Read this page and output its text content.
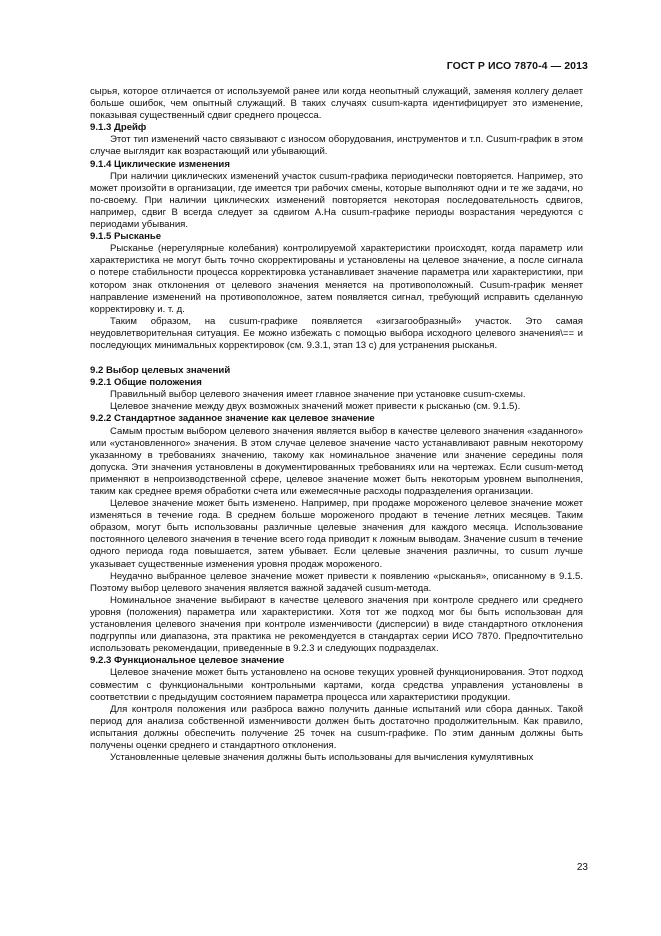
ГОСТ Р ИСО 7870-4 — 2013

сырья, которое отличается от используемой ранее или когда неопытный служащий, заменяя коллегу делает больше ошибок, чем опытный служащий. В таких случаях cusum-карта идентифицирует это изменение, показывая существенный сдвиг среднего процесса.

9.1.3 Дрейф

Этот тип изменений часто связывают с износом оборудования, инструментов и т.п. Cusum-график в этом случае выглядит как возрастающий или убывающий.

9.1.4 Циклические изменения

При наличии циклических изменений участок cusum-графика периодически повторяется. Например, это может произойти в организации, где имеется три рабочих смены, которые выполняют одни и те же задачи, но по-своему. При наличии циклических изменений повторяется некоторая последовательность сдвигов, например, сдвиг В всегда следует за сдвигом А.На cusum-графике периоды возрастания чередуются с периодами убывания.

9.1.5 Рысканье

Рысканье (нерегулярные колебания) контролируемой характеристики происходят, когда параметр или характеристика не могут быть точно скорректированы и установлены на целевое значение, а после сигнала о потере стабильности процесса корректировка устанавливает значение параметра или характеристики, при котором знак отклонения от целевого значения меняется на противоположный. Cusum-график меняет направление изменений на противоположное, затем появляется сигнал, требующий исправить сделанную корректировку и. т. д.

Таким образом, на cusum-графике появляется «зигзагообразный» участок. Это самая неудовлетворительная ситуация. Ее можно избежать с помощью выбора исходного целевого значения\== и последующих минимальных корректировок (см. 9.3.1, этап 13 с) для устранения рысканья.

9.2 Выбор целевых значений
9.2.1 Общие положения

Правильный выбор целевого значения имеет главное значение при установке cusum-схемы.

Целевое значение между двух возможных значений может привести к рысканью (см. 9.1.5).

9.2.2 Стандартное заданное значение как целевое значение

Самым простым выбором целевого значения является выбор в качестве целевого значения «заданного» или «установленного» значения. В этом случае целевое значение часто устанавливают равным некоторому указанному в требованиях значению, такому как номинальное значение или значение середины поля допуска. Эти значения установлены в документированных требованиях или на чертежах. Если cusum-метод применяют в непроизводственной сфере, целевое значение может быть некоторым уровнем выполнения, таким как среднее время обработки счета или ежемесячные расходы подразделения организации.

Целевое значение может быть изменено. Например, при продаже мороженого целевое значение может изменяться в течение года. В среднем больше мороженого продают в течение летних месяцев. Таким образом, могут быть использованы различные целевые значения для каждого месяца. Использование постоянного целевого значения в течение всего года приводит к ложным выводам. Значение cusum в течение одного периода года повышается, затем убывает. Если целевые значения различны, то cusum лучше указывает существенные изменения уровня продаж мороженого.

Неудачно выбранное целевое значение может привести к появлению «рысканья», описанному в 9.1.5. Поэтому выбор целевого значения является важной задачей cusum-метода.

Номинальное значение выбирают в качестве целевого значения при контроле среднего или среднего уровня (положения) параметра или характеристики. Хотя тот же подход мог бы быть использован для установления целевого значения при контроле изменчивости (дисперсии) в виде стандартного отклонения подгруппы или диапазона, эта практика не рекомендуется в стандартах серии ИСО 7870. Предпочтительно использовать рекомендации, приведенные в 9.2.3 и следующих подразделах.

9.2.3 Функциональное целевое значение

Целевое значение может быть установлено на основе текущих уровней функционирования. Этот подход совместим с функциональными контрольными картами, когда средства управления установлены в соответствии с предыдущим состоянием параметра процесса или характеристики продукции.

Для контроля положения или разброса важно получить данные испытаний или сбора данных. Такой период для анализа собственной изменчивости должен быть достаточно продолжительным. Как правило, испытания должны обеспечить получение 25 точек на cusum-графике. По этим данным должны быть получены оценки среднего и стандартного отклонения.

Установленные целевые значения должны быть использованы для вычисления кумулятивных

23
